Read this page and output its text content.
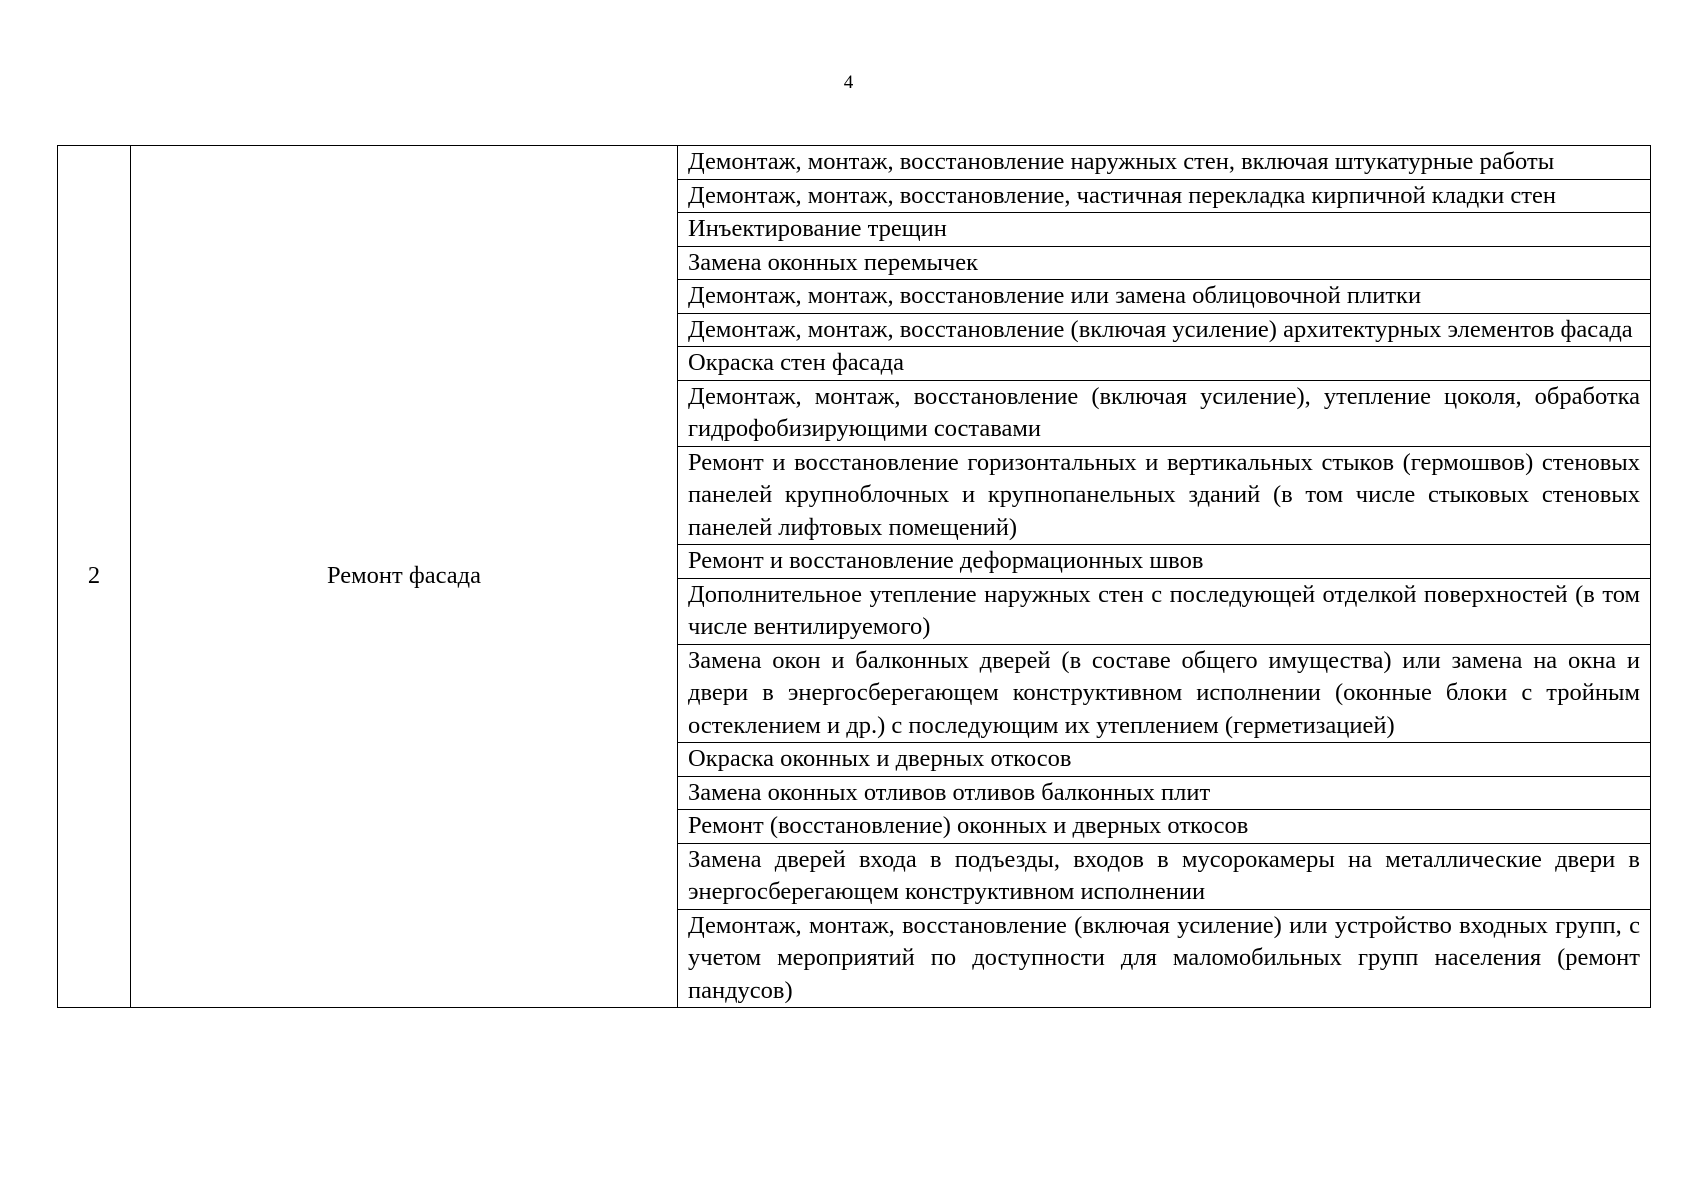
4
2	Ремонт фасада	Демонтаж, монтаж, восстановление наружных стен, включая штукатурные работы
Демонтаж, монтаж, восстановление, частичная перекладка кирпичной кладки стен
Инъектирование трещин
Замена оконных перемычек
Демонтаж, монтаж, восстановление или замена облицовочной плитки
Демонтаж, монтаж, восстановление (включая усиление) архитектурных элементов фасада
Окраска стен фасада
Демонтаж, монтаж, восстановление (включая усиление), утепление цоколя, обработка гидрофобизирующими составами
Ремонт и восстановление горизонтальных и вертикальных стыков (гермошвов) стеновых панелей крупноблочных и крупнопанельных зданий (в том числе стыковых стеновых панелей лифтовых помещений)
Ремонт и восстановление деформационных швов
Дополнительное утепление наружных стен с последующей отделкой поверхностей (в том числе вентилируемого)
Замена окон и балконных дверей (в составе общего имущества) или замена на окна и двери в энергосберегающем конструктивном исполнении (оконные блоки с тройным остеклением и др.) с последующим их утеплением (герметизацией)
Окраска оконных и дверных откосов
Замена оконных отливов отливов балконных плит
Ремонт (восстановление) оконных и дверных откосов
Замена дверей входа в подъезды, входов в мусорокамеры на металлические двери в энергосберегающем конструктивном исполнении
Демонтаж, монтаж, восстановление (включая усиление) или устройство входных групп, с учетом мероприятий по доступности для маломобильных групп населения (ремонт пандусов)
